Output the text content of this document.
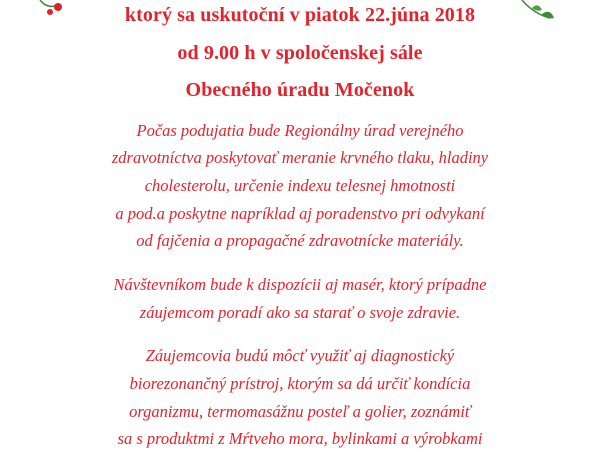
ktorý sa uskutoční v piatok 22.júna 2018
od 9.00 h v spoločenskej sále
Obecného úradu Močenok
Počas podujatia bude Regionálny úrad verejného
zdravotníctva poskytovať meranie krvného tlaku, hladiny
cholesterolu, určenie indexu telesnej hmotnosti
a pod.a poskytne napríklad aj poradenstvo pri odvykaní
od fajčenia a propagačné zdravotnícke materiály.
Návštevníkom bude k dispozícii aj masér, ktorý prípadne
záujemcom poradí ako sa starať o svoje zdravie.
Záujemcovia budú môcť využiť aj diagnostický
biorezonančný prístroj, ktorým sa dá určiť kondícia
organizmu, termomasážnu posteľ a golier, zoznámiť
sa s produktmi z Mŕtveho mora, bylinkami a výrobkami
